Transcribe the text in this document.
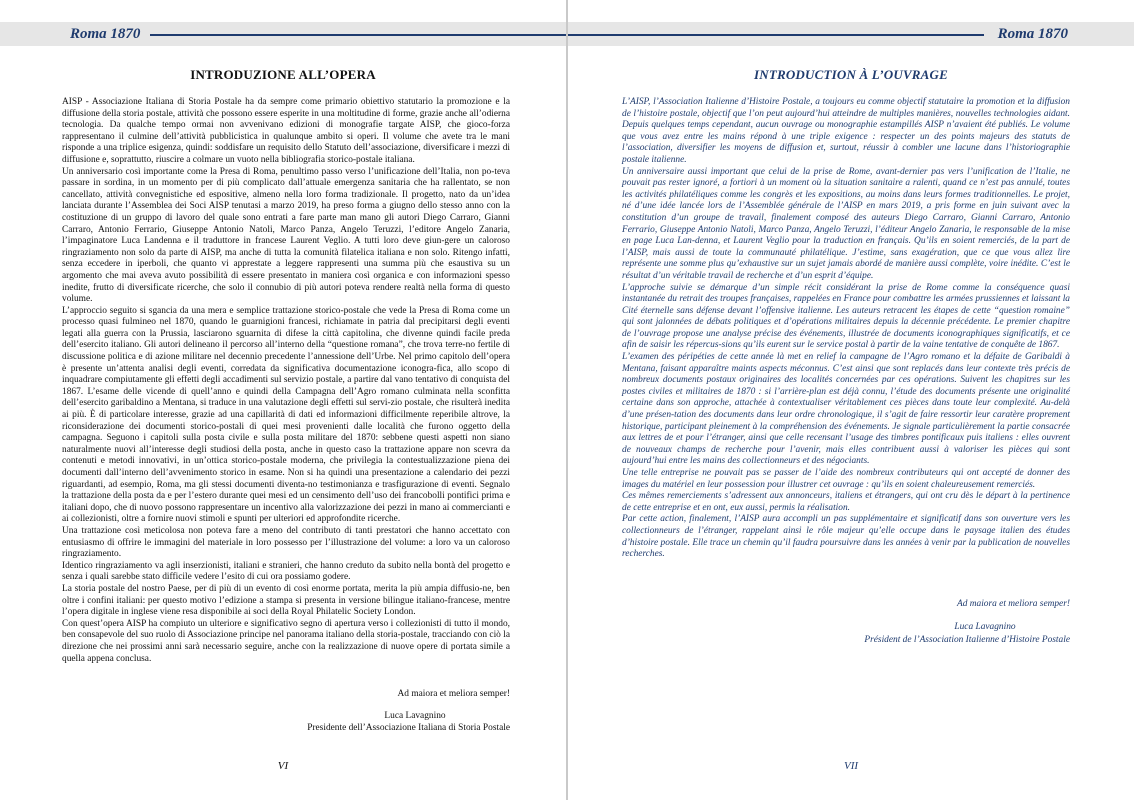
Roma 1870
INTRODUZIONE ALL’OPERA

AISP - Associazione Italiana di Storia Postale ha da sempre come primario obiettivo statutario la promozione e la diffusione della storia postale, attività che possono essere esperite in una moltitudine di forme, grazie anche all’odierna tecnologia. Da qualche tempo ormai non avvenivano edizioni di monografie targate AISP, che gioco-forza rappresentano il culmine dell’attività pubblicistica in qualunque ambito si operi. Il volume che avete tra le mani risponde a una triplice esigenza, quindi: soddisfare un requisito dello Statuto dell’associazione, diversificare i mezzi di diffusione e, soprattutto, riuscire a colmare un vuoto nella bibliografia storico-postale italiana.

Un anniversario così importante come la Presa di Roma, penultimo passo verso l’unificazione dell’Italia, non po-teva passare in sordina, in un momento per di più complicato dall’attuale emergenza sanitaria che ha rallentato, se non cancellato, attività convegnistiche ed espositive, almeno nella loro forma tradizionale. Il progetto, nato da un’idea lanciata durante l’Assemblea dei Soci AISP tenutasi a marzo 2019, ha preso forma a giugno dello stesso anno con la costituzione di un gruppo di lavoro del quale sono entrati a fare parte man mano gli autori Diego Carraro, Gianni Carraro, Antonio Ferrario, Giuseppe Antonio Natoli, Marco Panza, Angelo Teruzzi, l’editore Angelo Zanaria, l’impaginatore Luca Landenna e il traduttore in francese Laurent Veglio. A tutti loro deve giun-gere un caloroso ringraziamento non solo da parte di AISP, ma anche di tutta la comunità filatelica italiana e non solo. Ritengo infatti, senza eccedere in iperboli, che quanto vi apprestate a leggere rappresenti una summa più che esaustiva su un argomento che mai aveva avuto possibilità di essere presentato in maniera così organica e con informazioni spesso inedite, frutto di diversificate ricerche, che solo il connubio di più autori poteva rendere realtà nella forma di questo volume.

L’approccio seguito si sgancia da una mera e semplice trattazione storico-postale che vede la Presa di Roma come un processo quasi fulmineo nel 1870, quando le guarnigioni francesi, richiamate in patria dal precipitarsi degli eventi legati alla guerra con la Prussia, lasciarono sguarnita di difese la città capitolina, che divenne quindi facile preda dell’esercito italiano. Gli autori delineano il percorso all’interno della “questione romana”, che trova terre-no fertile di discussione politica e di azione militare nel decennio precedente l’annessione dell’Urbe. Nel primo capitolo dell’opera è presente un’attenta analisi degli eventi, corredata da significativa documentazione iconogra-fica, allo scopo di inquadrare compiutamente gli effetti degli accadimenti sul servizio postale, a partire dal vano tentativo di conquista del 1867. L’esame delle vicende di quell’anno e quindi della Campagna dell’Agro romano culminata nella sconfitta dell’esercito garibaldino a Mentana, si traduce in una valutazione degli effetti sul servi-zio postale, che risulterà inedita ai più. È di particolare interesse, grazie ad una capillarità di dati ed informazioni difficilmente reperibile altrove, la riconsiderazione dei documenti storico-postali di quei mesi provenienti dalle località che furono oggetto della campagna. Seguono i capitoli sulla posta civile e sulla posta militare del 1870: sebbene questi aspetti non siano naturalmente nuovi all’interesse degli studiosi della posta, anche in questo caso la trattazione appare non scevra da contenuti e metodi innovativi, in un’ottica storico-postale moderna, che privilegia la contestualizzazione piena dei documenti dall’interno dell’avvenimento storico in esame. Non si ha quindi una presentazione a calendario dei pezzi riguardanti, ad esempio, Roma, ma gli stessi documenti diventa-no testimonianza e trasfigurazione di eventi. Segnalo la trattazione della posta da e per l’estero durante quei mesi ed un censimento dell’uso dei francobolli pontifici prima e italiani dopo, che di nuovo possono rappresentare un incentivo alla valorizzazione dei pezzi in mano ai commercianti e ai collezionisti, oltre a fornire nuovi stimoli e spunti per ulteriori ed approfondite ricerche.

Una trattazione così meticolosa non poteva fare a meno del contributo di tanti prestatori che hanno accettato con entusiasmo di offrire le immagini del materiale in loro possesso per l’illustrazione del volume: a loro va un caloroso ringraziamento.

Identico ringraziamento va agli inserzionisti, italiani e stranieri, che hanno creduto da subito nella bontà del progetto e senza i quali sarebbe stato difficile vedere l’esito di cui ora possiamo godere.

La storia postale del nostro Paese, per di più di un evento di così enorme portata, merita la più ampia diffusio-ne, ben oltre i confini italiani: per questo motivo l’edizione a stampa si presenta in versione bilingue italiano-francese, mentre l’opera digitale in inglese viene resa disponibile ai soci della Royal Philatelic Society London.

Con quest’opera AISP ha compiuto un ulteriore e significativo segno di apertura verso i collezionisti di tutto il mondo, ben consapevole del suo ruolo di Associazione principe nel panorama italiano della storia-postale, tracciando con ciò la direzione che nei prossimi anni sarà necessario seguire, anche con la realizzazione di nuove opere di portata simile a quella appena conclusa.

Ad maiora et meliora semper!
Luca Lavagnino
Presidente dell’Associazione Italiana di Storia Postale
VI
Roma 1870
INTRODUCTION À L’OUVRAGE

L’AISP, l’Association Italienne d’Histoire Postale, a toujours eu comme objectif statutaire la promotion et la diffusion de l’histoire postale, objectif que l’on peut aujourd’hui atteindre de multiples manières, nouvelles technologies aidant. Depuis quelques temps cependant, aucun ouvrage ou monographie estampillés AISP n’avaient été publiés. Le volume que vous avez entre les mains répond à une triple exigence : respecter un des points majeurs des statuts de l’association, diversifier les moyens de diffusion et, surtout, réussir à combler une lacune dans l’historiographie postale italienne.

Un anniversaire aussi important que celui de la prise de Rome, avant-dernier pas vers l’unification de l’Italie, ne pouvait pas rester ignoré, a fortiori à un moment où la situation sanitaire a ralenti, quand ce n’est pas annulé, toutes les activités philatéliques comme les congrès et les expositions, au moins dans leurs formes traditionnelles. Le projet, né d’une idée lancée lors de l’Assemblée générale de l’AISP en mars 2019, a pris forme en juin suivant avec la constitution d’un groupe de travail, finalement composé des auteurs Diego Carraro, Gianni Carraro, Antonio Ferrario, Giuseppe Antonio Natoli, Marco Panza, Angelo Teruzzi, l’éditeur Angelo Zanaria, le responsable de la mise en page Luca Lan-denna, et Laurent Veglio pour la traduction en français. Qu’ils en soient remerciés, de la part de l’AISP, mais aussi de toute la communauté philatélique. J’estime, sans exagération, que ce que vous allez lire représente une somme plus qu’exhaustive sur un sujet jamais abordé de manière aussi complète, voire inédite. C’est le résultat d’un véritable travail de recherche et d’un esprit d’équipe.

L’approche suivie se démarque d’un simple récit considérant la prise de Rome comme la conséquence quasi instantanée du retrait des troupes françaises, rappelées en France pour combattre les armées prussiennes et laissant la Cité éternelle sans défense devant l’offensive italienne. Les auteurs retracent les étapes de cette “question romaine” qui sont jalonnées de débats politiques et d’opérations militaires depuis la décennie précédente. Le premier chapitre de l’ouvrage propose une analyse précise des événements, illustrée de documents iconographiques significatifs, et ce afin de saisir les répercus-sions qu’ils eurent sur le service postal à partir de la vaine tentative de conquête de 1867.

L’examen des péripéties de cette année là met en relief la campagne de l’Agro romano et la défaite de Garibaldi à Mentana, faisant apparaître maints aspects méconnus. C’est ainsi que sont replacés dans leur contexte très précis de nombreux documents postaux originaires des localités concernées par ces opérations. Suivent les chapitres sur les postes civiles et militaires de 1870 : si l’arrière-plan est déjà connu, l’étude des documents présente une originalité certaine dans son approche, attachée à contextualiser véritablement ces pièces dans toute leur complexité. Au-delà d’une présen-tation des documents dans leur ordre chronologique, il s’agit de faire ressortir leur caratère proprement historique, participant pleinement à la compréhension des événements. Je signale particulièrement la partie consacrée aux lettres de et pour l’étranger, ainsi que celle recensant l’usage des timbres pontificaux puis italiens : elles ouvrent de nouveaux champs de recherche pour l’avenir, mais elles contribuent aussi à valoriser les pièces qui sont aujourd’hui entre les mains des collectionneurs et des négociants.

Une telle entreprise ne pouvait pas se passer de l’aide des nombreux contributeurs qui ont accepté de donner des images du matériel en leur possession pour illustrer cet ouvrage : qu’ils en soient chaleureusement remerciés.

Ces mêmes remerciements s’adressent aux annonceurs, italiens et étrangers, qui ont cru dès le départ à la pertinence de cette entreprise et en ont, eux aussi, permis la réalisation.

Par cette action, finalement, l’AISP aura accompli un pas supplémentaire et significatif dans son ouverture vers les collectionneurs de l’étranger, rappelant ainsi le rôle majeur qu’elle occupe dans le paysage italien des études d’histoire postale. Elle trace un chemin qu’il faudra poursuivre dans les années à venir par la publication de nouvelles recherches.

Ad maiora et meliora semper!
Luca Lavagnino
Président de l’Association Italienne d’Histoire Postale
VII
